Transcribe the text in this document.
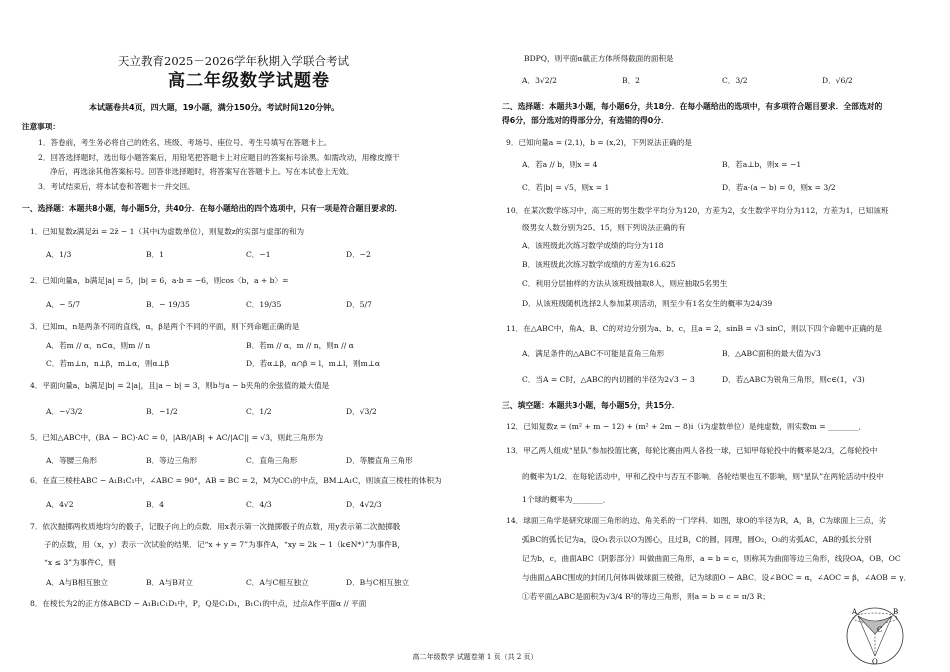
天立教育2025－2026学年秋期入学联合考试
高二年级数学试题卷
本试题卷共4页，四大题，19小题，满分150分。考试时间120分钟。
注意事项：
1．答卷前，考生务必将自己的姓名、班级、考场号、座位号、考生号填写在答题卡上。
2．回答选择题时，选出每小题答案后，用铅笔把答题卡上对应题目的答案标号涂黑。如需改动，用橡皮擦干
净后，再选涂其他答案标号。回答非选择题时，将答案写在答题卡上。写在本试卷上无效。
3．考试结束后，将本试卷和答题卡一并交回。
一、选择题：本题共8小题，每小题5分，共40分．在每小题给出的四个选项中，只有一项是符合题目要求的．
1．已知复数z满足z̄i = 2z̄ − 1（其中i为虚数单位），则复数z的实部与虚部的和为
A．1/3	B．1	C．−1	D．−2
2．已知向量a，b满足|a| = 5，|b| = 6，a·b = −6，则cos〈b，a + b〉=
A．− 5/7	B．− 19/35	C．19/35	D．5/7
3．已知m，n是两条不同的直线，α，β是两个不同的平面，则下列命题正确的是
A．若m // α，n⊂α，则m // n	B．若m // α，m // n，则n // α
C．若m⊥n，n⊥β，m⊥α，则α⊥β	D．若α⊥β，α∩β = l，m⊥l，则m⊥α
4．平面向量a，b满足|b| = 2|a|，且|a − b| = 3，则b与a − b夹角的余弦值的最大值是
A．−√3/2	B．−1/2	C．1/2	D．√3/2
5．已知△ABC中，(BA − BC)·AC = 0，|AB/|AB| + AC/|AC|| = √3，则此三角形为
A．等腰三角形	B．等边三角形	C．直角三角形	D．等腰直角三角形
6．在直三棱柱ABC − A₁B₁C₁中，∠ABC = 90°，AB = BC = 2，M为CC₁的中点，BM⊥A₁C，则该直三棱柱的体积为
A．4√2	B．4	C．4/3	D．4√2/3
7．依次抛掷两枚质地均匀的骰子，记骰子向上的点数．用x表示第一次抛掷骰子的点数，用y表示第二次抛掷骰
子的点数，用（x，y）表示一次试验的结果．记“x + y = 7”为事件A，“xy = 2k − 1（k∈N*）”为事件B，
“x ≤ 3”为事件C，则
A．A与B相互独立	B．A与B对立	C．A与C相互独立	D．B与C相互独立
8．在棱长为2的正方体ABCD − A₁B₁C₁D₁中，P，Q是C₁D₁，B₁C₁的中点，过点A作平面α // 平面
BDPQ，则平面α截正方体所得截面的面积是
A．3√2/2	B．2	C．3/2	D．√6/2
二、选择题：本题共3小题，每小题6分，共18分．在每小题给出的选项中，有多项符合题目要求．全部选对的
得6分，部分选对的得部分分，有选错的得0分．
9．已知向量a = (2,1)，b = (x,2)，下列说法正确的是
A．若a // b，则x = 4	B．若a⊥b，则x = −1
C．若|b| = √5，则x = 1	D．若a·(a − b) = 0，则x = 3/2
10．在某次数学练习中，高三班的男生数学平均分为120，方差为2，女生数学平均分为112，方差为1，已知该班
级男女人数分别为25、15，则下列说法正确的有
A．该班级此次练习数学成绩的均分为118
B．该班级此次练习数学成绩的方差为16.625
C．利用分层抽样的方法从该班级抽取8人，则应抽取5名男生
D．从该班级随机选择2人参加某项活动，则至少有1名女生的概率为24/39
11．在△ABC中，角A、B、C的对边分别为a、b、c，且a = 2，sinB = √3 sinC，则以下四个命题中正确的是
A．满足条件的△ABC不可能是直角三角形	B．△ABC面积的最大值为√3
C．当A = C时，△ABC的内切圆的半径为2√3 − 3	D．若△ABC为锐角三角形，则c∈(1，√3)
三、填空题：本题共3小题，每小题5分，共15分．
12．已知复数z = (m² + m − 12) + (m² + 2m − 8)i（i为虚数单位）是纯虚数，则实数m = ________．
13．甲乙两人组成“星队”参加投篮比赛，每轮比赛由两人各投一球，已知甲每轮投中的概率是2/3，乙每轮投中
的概率为1/2．在每轮活动中，甲和乙投中与否互不影响．各轮结果也互不影响，则“星队”在两轮活动中投中
1个球的概率为________．
14．球面三角学是研究球面三角形的边、角关系的一门学科．如图，球O的半径为R，A，B，C为球面上三点，劣
弧BC的弧长记为a，设O₁表示以O为圆心，且过B，C的圆，同理，圆O₂，O₃的劣弧AC，AB的弧长分别
记为b，c，曲面ABC（阴影部分）叫做曲面三角形，a = b = c，则称其为曲面等边三角形，线段OA，OB，OC
与曲面△ABC围成的封闭几何体叫做球面三棱锥，记为球面O − ABC．设∠BOC = α，∠AOC = β，∠AOB = γ．
①若平面△ABC是面积为√3/4 R²的等边三角形，则a = b = c = π/3 R；
A	B
C
O
高二年级数学 试题卷第 1 页（共 2 页）
